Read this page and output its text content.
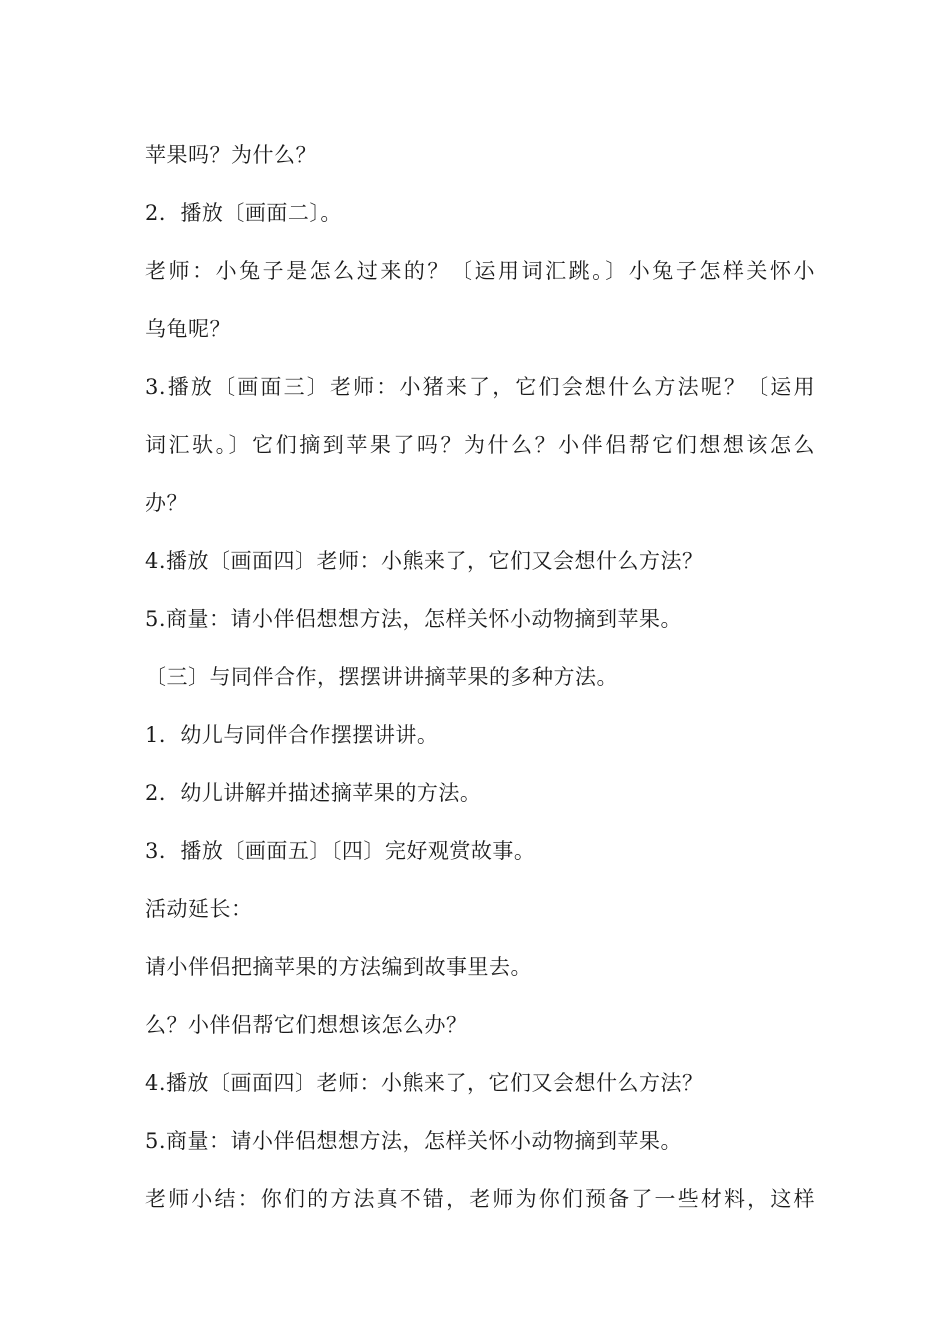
苹果吗？为什么？
2．播放〔画面二〕。
老师：小兔子是怎么过来的？〔运用词汇跳。〕小兔子怎样关怀小
乌龟呢？
3.播放〔画面三〕老师：小猪来了，它们会想什么方法呢？〔运用
词汇驮。〕它们摘到苹果了吗？为什么？小伴侣帮它们想想该怎么
办？
4.播放〔画面四〕老师：小熊来了，它们又会想什么方法？
5.商量：请小伴侣想想方法，怎样关怀小动物摘到苹果。
〔三〕与同伴合作，摆摆讲讲摘苹果的多种方法。
1．幼儿与同伴合作摆摆讲讲。
2．幼儿讲解并描述摘苹果的方法。
3．播放〔画面五〕〔四〕完好观赏故事。
活动延长：
请小伴侣把摘苹果的方法编到故事里去。
么？小伴侣帮它们想想该怎么办？
4.播放〔画面四〕老师：小熊来了，它们又会想什么方法？
5.商量：请小伴侣想想方法，怎样关怀小动物摘到苹果。
老师小结：你们的方法真不错，老师为你们预备了一些材料，这样
